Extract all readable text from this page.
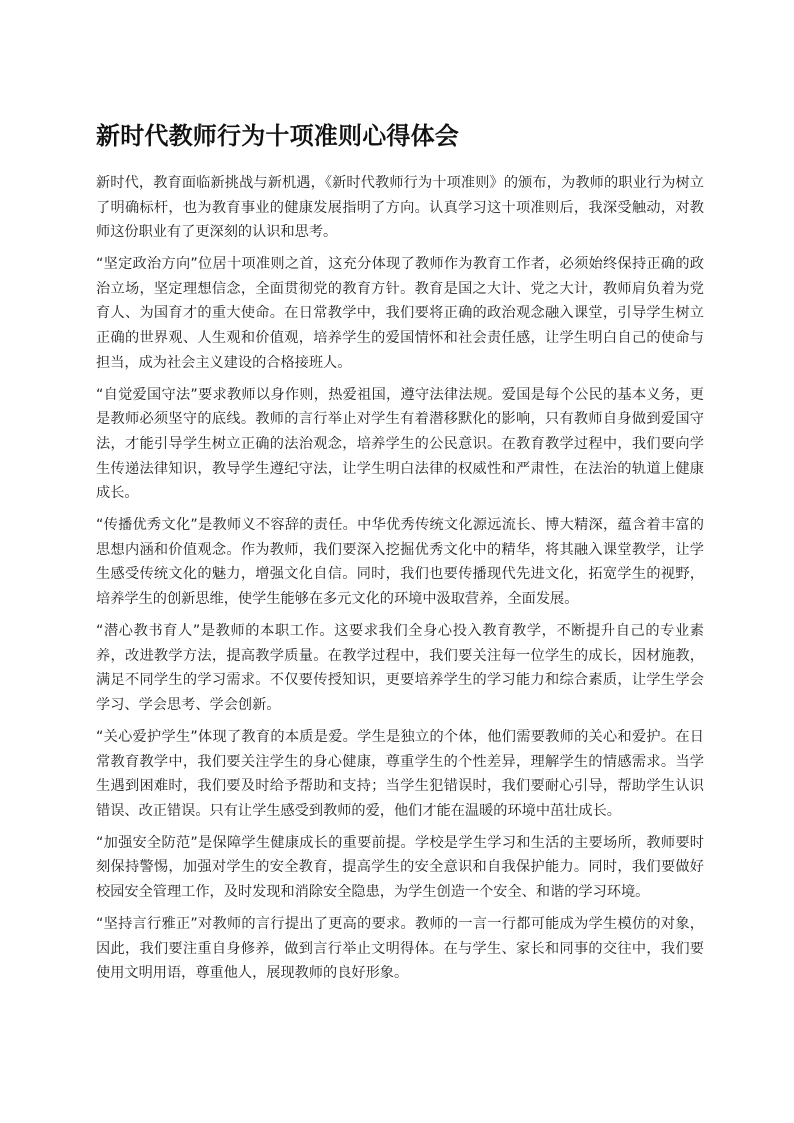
新时代教师行为十项准则心得体会

新时代，教育面临新挑战与新机遇，《新时代教师行为十项准则》的颁布，为教师的职业行为树立了明确标杆，也为教育事业的健康发展指明了方向。认真学习这十项准则后，我深受触动，对教师这份职业有了更深刻的认识和思考。

“坚定政治方向”位居十项准则之首，这充分体现了教师作为教育工作者，必须始终保持正确的政治立场，坚定理想信念，全面贯彻党的教育方针。教育是国之大计、党之大计，教师肩负着为党育人、为国育才的重大使命。在日常教学中，我们要将正确的政治观念融入课堂，引导学生树立正确的世界观、人生观和价值观，培养学生的爱国情怀和社会责任感，让学生明白自己的使命与担当，成为社会主义建设的合格接班人。

“自觉爱国守法”要求教师以身作则，热爱祖国，遵守法律法规。爱国是每个公民的基本义务，更是教师必须坚守的底线。教师的言行举止对学生有着潜移默化的影响，只有教师自身做到爱国守法，才能引导学生树立正确的法治观念，培养学生的公民意识。在教育教学过程中，我们要向学生传递法律知识，教导学生遵纪守法，让学生明白法律的权威性和严肃性，在法治的轨道上健康成长。

“传播优秀文化”是教师义不容辞的责任。中华优秀传统文化源远流长、博大精深，蕴含着丰富的思想内涵和价值观念。作为教师，我们要深入挖掘优秀文化中的精华，将其融入课堂教学，让学生感受传统文化的魅力，增强文化自信。同时，我们也要传播现代先进文化，拓宽学生的视野，培养学生的创新思维，使学生能够在多元文化的环境中汲取营养，全面发展。

“潜心教书育人”是教师的本职工作。这要求我们全身心投入教育教学，不断提升自己的专业素养，改进教学方法，提高教学质量。在教学过程中，我们要关注每一位学生的成长，因材施教，满足不同学生的学习需求。不仅要传授知识，更要培养学生的学习能力和综合素质，让学生学会学习、学会思考、学会创新。

“关心爱护学生”体现了教育的本质是爱。学生是独立的个体，他们需要教师的关心和爱护。在日常教育教学中，我们要关注学生的身心健康，尊重学生的个性差异，理解学生的情感需求。当学生遇到困难时，我们要及时给予帮助和支持；当学生犯错误时，我们要耐心引导，帮助学生认识错误、改正错误。只有让学生感受到教师的爱，他们才能在温暖的环境中茁壮成长。

“加强安全防范”是保障学生健康成长的重要前提。学校是学生学习和生活的主要场所，教师要时刻保持警惕，加强对学生的安全教育，提高学生的安全意识和自我保护能力。同时，我们要做好校园安全管理工作，及时发现和消除安全隐患，为学生创造一个安全、和谐的学习环境。

“坚持言行雅正”对教师的言行提出了更高的要求。教师的一言一行都可能成为学生模仿的对象，因此，我们要注重自身修养，做到言行举止文明得体。在与学生、家长和同事的交往中，我们要使用文明用语，尊重他人，展现教师的良好形象。
